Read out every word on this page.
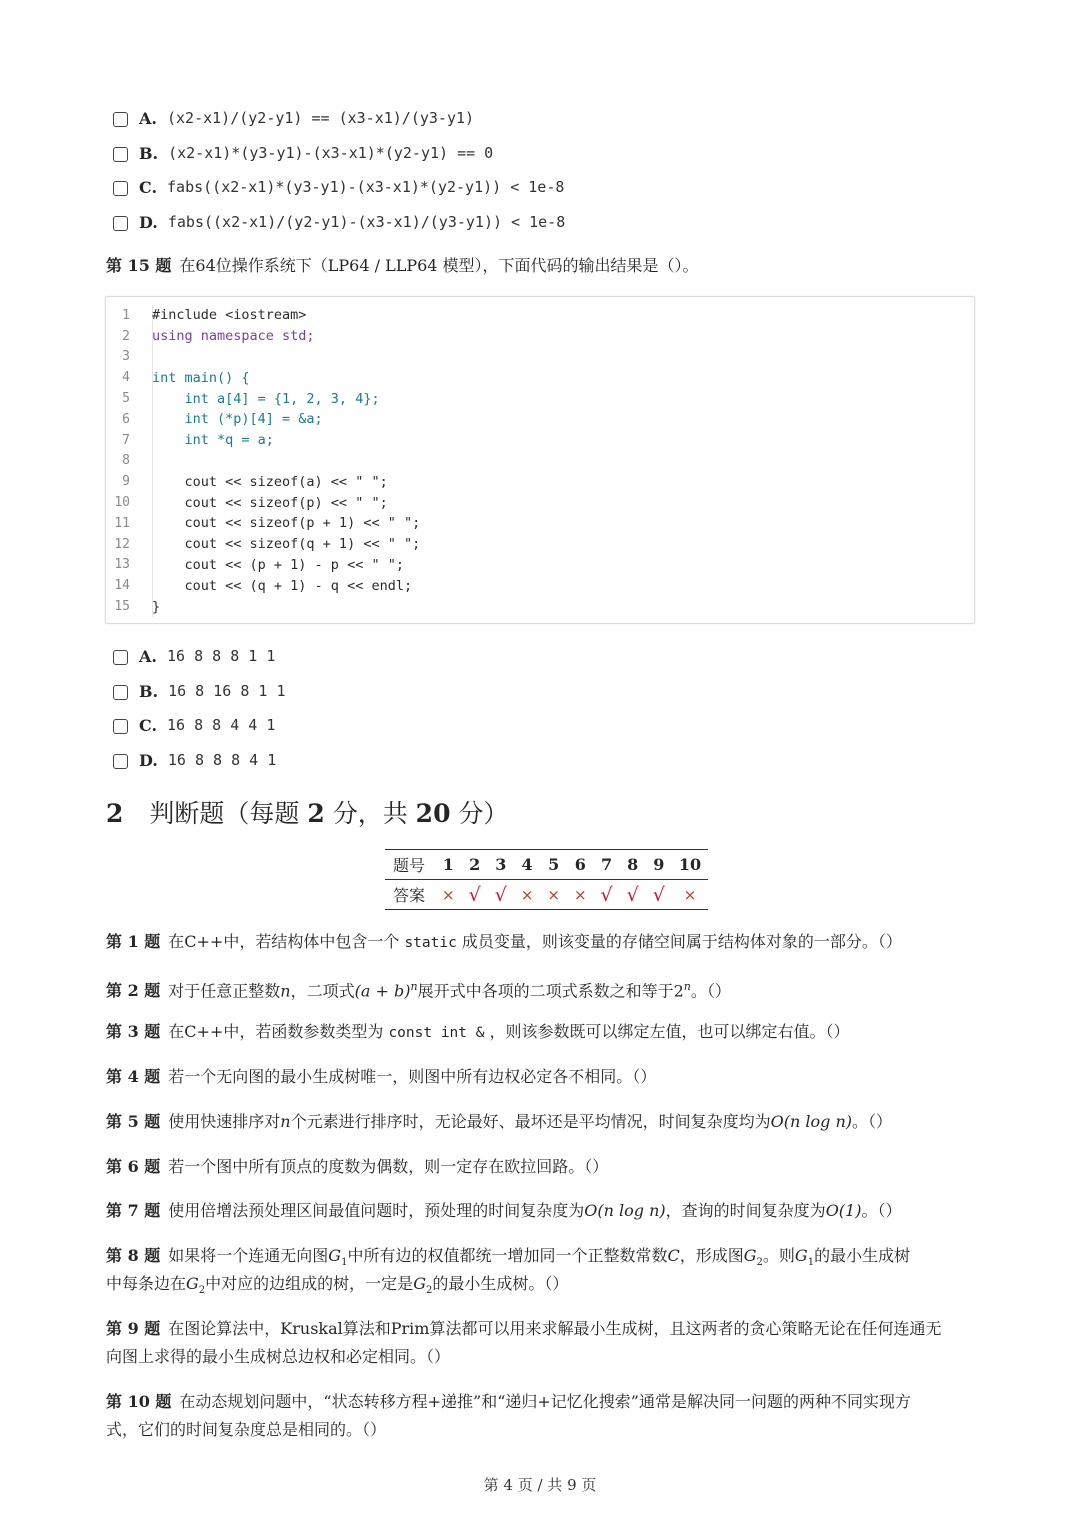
A. (x2-x1)/(y2-y1) == (x3-x1)/(y3-y1)
B. (x2-x1)*(y3-y1)-(x3-x1)*(y2-y1) == 0
C. fabs((x2-x1)*(y3-y1)-(x3-x1)*(y2-y1)) < 1e-8
D. fabs((x2-x1)/(y2-y1)-(x3-x1)/(y3-y1)) < 1e-8
第 15 题 在64位操作系统下（LP64 / LLP64 模型），下面代码的输出结果是（）。
1	#include <iostream>
2	using namespace std;
3
4	int main() {
5	int a[4] = {1, 2, 3, 4};
6	int (*p)[4] = &a;
7	int *q = a;
8
9	cout << sizeof(a) << " ";
10	cout << sizeof(p) << " ";
11	cout << sizeof(p + 1) << " ";
12	cout << sizeof(q + 1) << " ";
13	cout << (p + 1) - p << " ";
14	cout << (q + 1) - q << endl;
15	}
A. 16 8 8 8 1 1
B. 16 8 16 8 1 1
C. 16 8 8 4 4 1
D. 16 8 8 8 4 1
2 判断题（每题 2 分，共 20 分）
题号	1	2	3	4	5	6	7	8	9	10
答案	×	√	√	×	×	×	√	√	√	×
第 1 题 在C++中，若结构体中包含一个 static 成员变量，则该变量的存储空间属于结构体对象的一部分。（）
第 2 题 对于任意正整数n，二项式$(a + b)^n$展开式中各项的二项式系数之和等于2$^n$。（）
第 3 题 在C++中，若函数参数类型为 const int & ，则该参数既可以绑定左值，也可以绑定右值。（）
第 4 题 若一个无向图的最小生成树唯一，则图中所有边权必定各不相同。（）
第 5 题 使用快速排序对n个元素进行排序时，无论最好、最坏还是平均情况，时间复杂度均为O(n log n)。（）
第 6 题 若一个图中所有顶点的度数为偶数，则一定存在欧拉回路。（）
第 7 题 使用倍增法预处理区间最值问题时，预处理的时间复杂度为O(n log n)，查询的时间复杂度为O(1)。（）
第 8 题 如果将一个连通无向图$G_1$中所有边的权值都统一增加同一个正整数常数C，形成图$G_2$。则$G_1$的最小生成树
中每条边在$G_2$中对应的边组成的树，一定是$G_2$的最小生成树。（）
第 9 题 在图论算法中，Kruskal算法和Prim算法都可以用来求解最小生成树，且这两者的贪心策略无论在任何连通无
向图上求得的最小生成树总边权和必定相同。（）
第 10 题 在动态规划问题中，“状态转移方程+递推”和“递归+记忆化搜索”通常是解决同一问题的两种不同实现方
式，它们的时间复杂度总是相同的。（）
第 4 页 / 共 9 页
